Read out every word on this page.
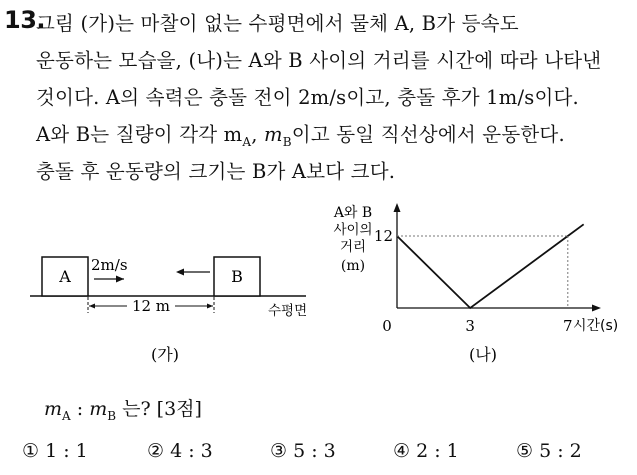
13.
그림 (가)는 마찰이 없는 수평면에서 물체 A, B가 등속도
운동하는 모습을, (나)는 A와 B 사이의 거리를 시간에 따라 나타낸
것이다. A의 속력은 충돌 전이 2m/s이고, 충돌 후가 1m/s이다.
A와 B는 질량이 각각 $m_A$, $m_B$이고 동일 직선상에서 운동한다.
충돌 후 운동량의 크기는 B가 A보다 크다.
A	B
2m/s
12 m	수평면
(가)
A와 B
사이의
거리
(m)
0	3	7
12
시간(s)
(나)
$m_A$ : $m_B$ 는? [3점]
① 1 : 1	② 4 : 3	③ 5 : 3	④ 2 : 1	⑤ 5 : 2
